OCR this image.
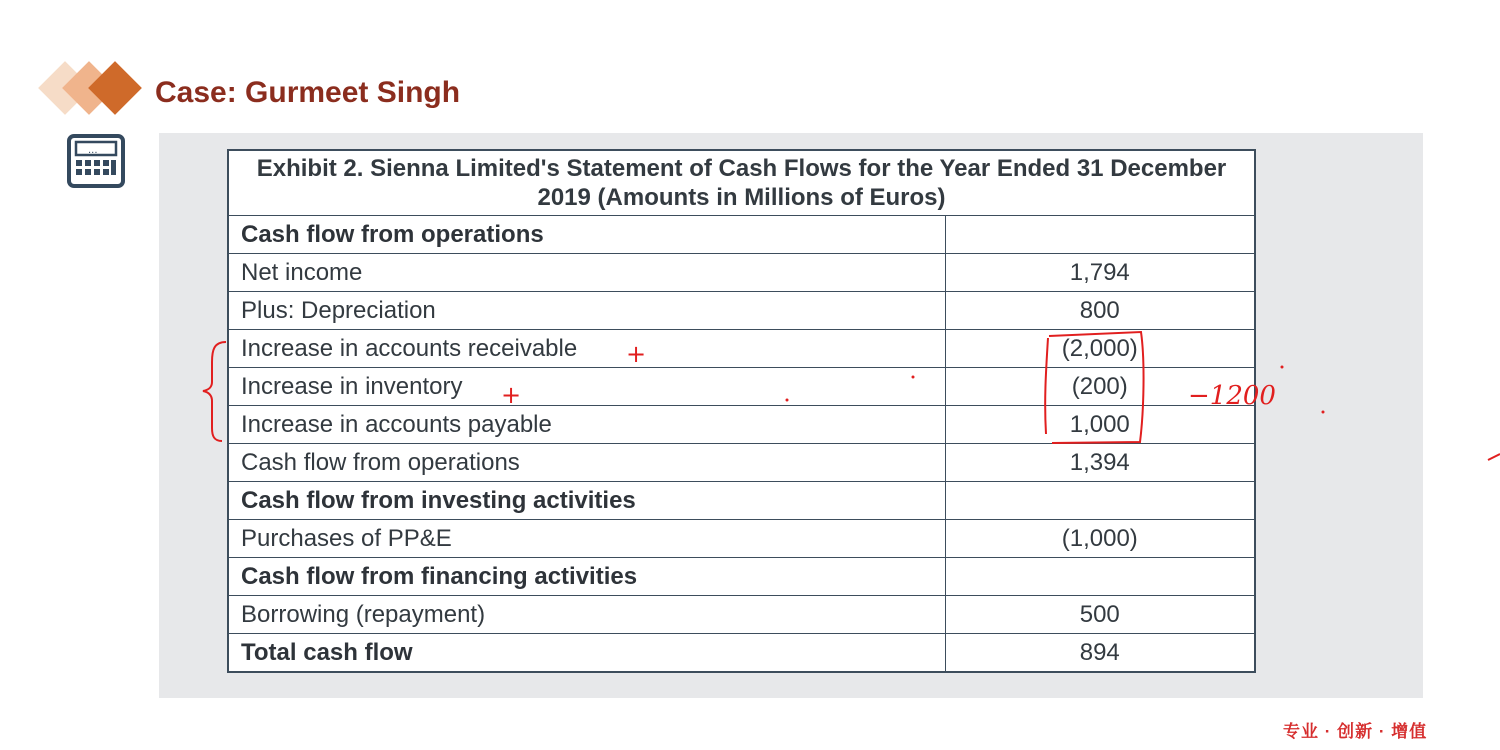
Case: Gurmeet Singh
...
Exhibit 2. Sienna Limited's Statement of Cash Flows for the Year Ended 31 December 2019 (Amounts in Millions of Euros)	
Cash flow from operations	
Net income	1,794
Plus: Depreciation	800
Increase in accounts receivable	(2,000)
Increase in inventory	(200)
Increase in accounts payable	1,000
Cash flow from operations	1,394
Cash flow from investing activities	
Purchases of PP&E	(1,000)
Cash flow from financing activities	
Borrowing (repayment)	500
Total cash flow	894
+
+	−1200
专业 · 创新 · 增值
